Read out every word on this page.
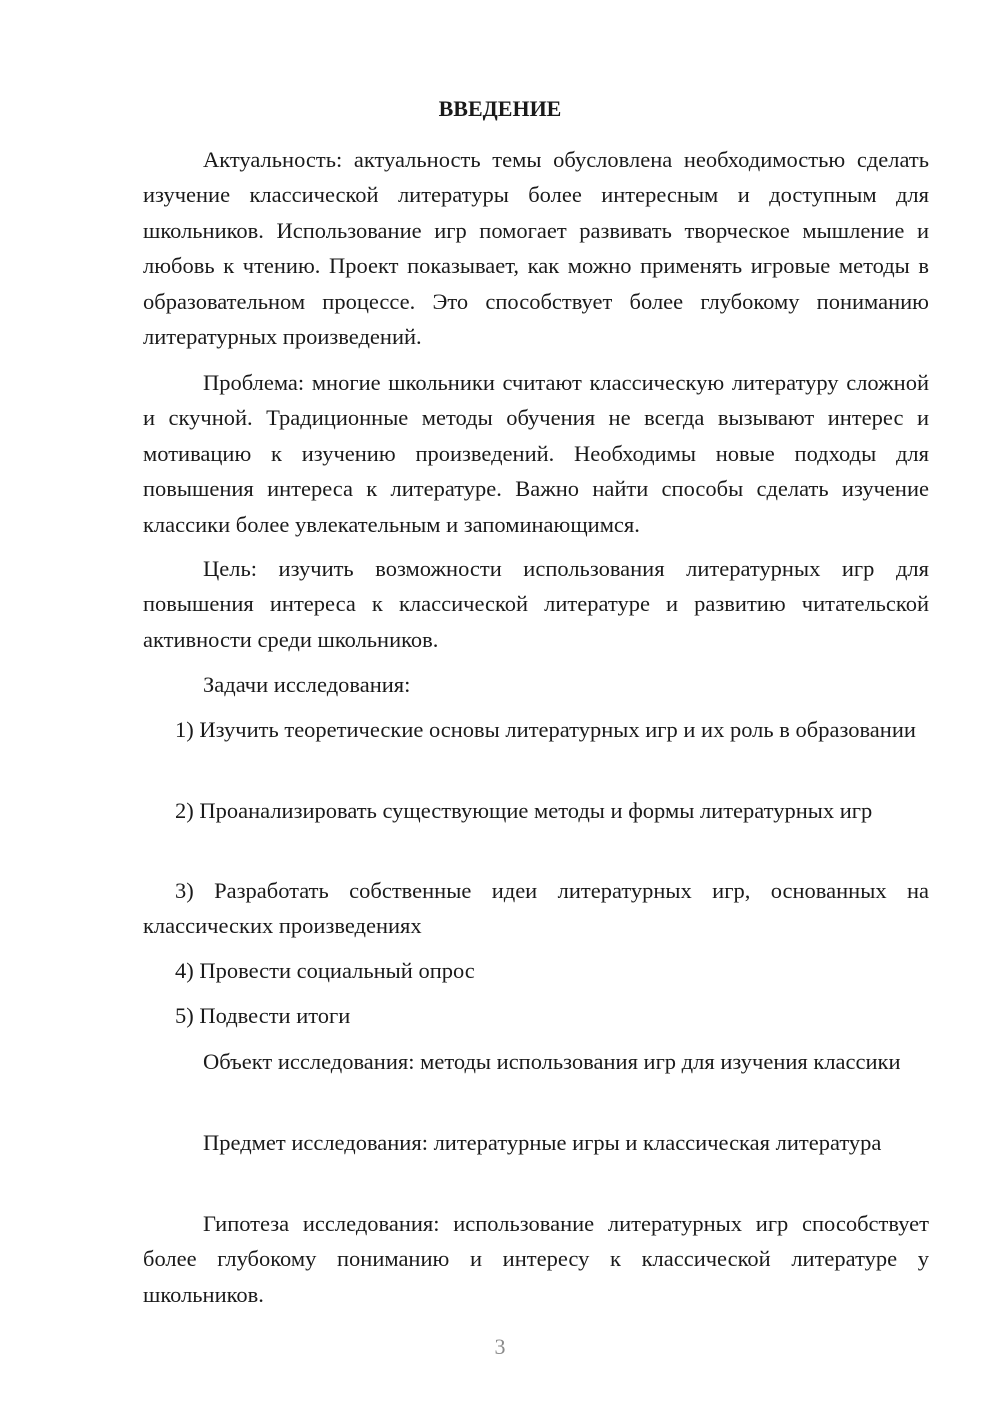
ВВЕДЕНИЕ

Актуальность: актуальность темы обусловлена необходимостью сделать изучение классической литературы более интересным и доступным для школьников. Использование игр помогает развивать творческое мышление и любовь к чтению. Проект показывает, как можно применять игровые методы в образовательном процессе. Это способствует более глубокому пониманию литературных произведений.

Проблема: многие школьники считают классическую литературу сложной и скучной. Традиционные методы обучения не всегда вызывают интерес и мотивацию к изучению произведений. Необходимы новые подходы для повышения интереса к литературе. Важно найти способы сделать изучение классики более увлекательным и запоминающимся.

Цель: изучить возможности использования литературных игр для повышения интереса к классической литературе и развитию читательской активности среди школьников.

Задачи исследования:

1) Изучить теоретические основы литературных игр и их роль в образовании

2) Проанализировать существующие методы и формы литературных игр

3) Разработать собственные идеи литературных игр, основанных на классических произведениях

4) Провести социальный опрос

5) Подвести итоги

Объект исследования: методы использования игр для изучения классики

Предмет исследования: литературные игры и классическая литература

Гипотеза исследования: использование литературных игр способствует более глубокому пониманию и интересу к классической литературе у школьников.

3
